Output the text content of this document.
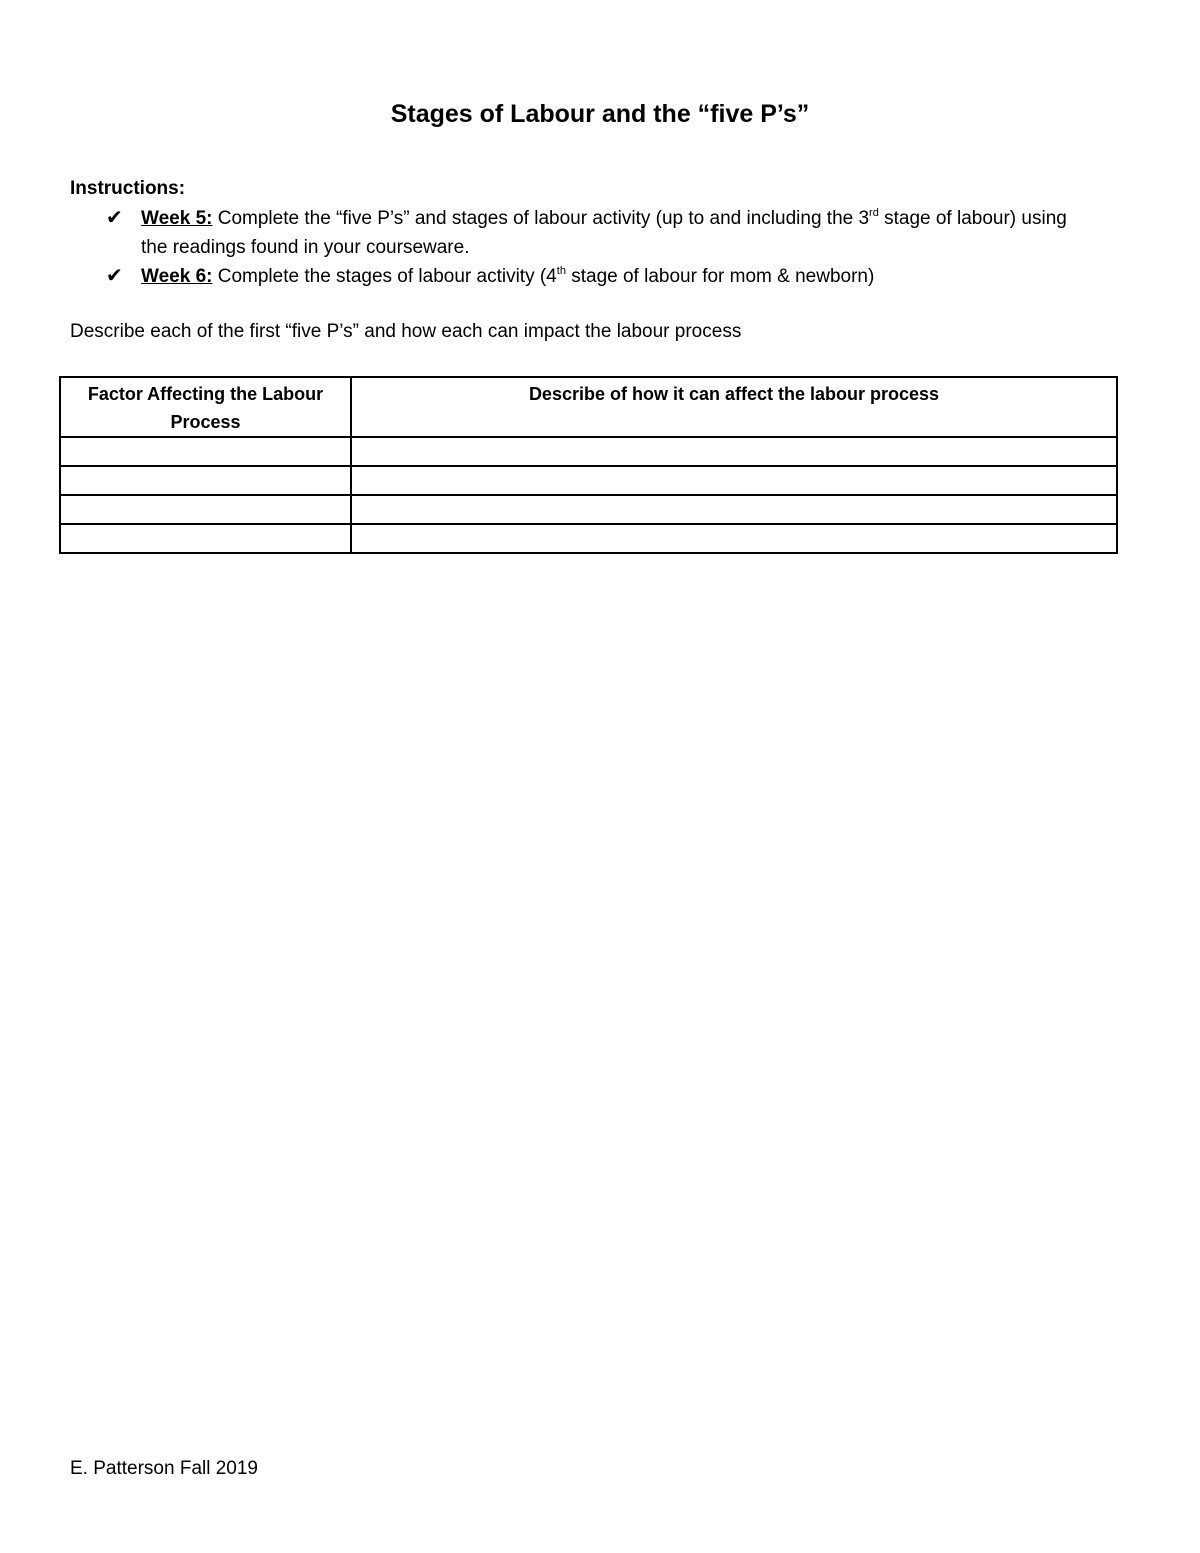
Stages of Labour and the “five P’s”
Instructions:
✔ Week 5: Complete the “five P’s” and stages of labour activity (up to and including the 3rd stage of labour) using the readings found in your courseware.
✔ Week 6: Complete the stages of labour activity (4th stage of labour for mom & newborn)
Describe each of the first “five P’s” and how each can impact the labour process
Factor Affecting the Labour Process	Describe of how it can affect the labour process

E. Patterson Fall 2019
